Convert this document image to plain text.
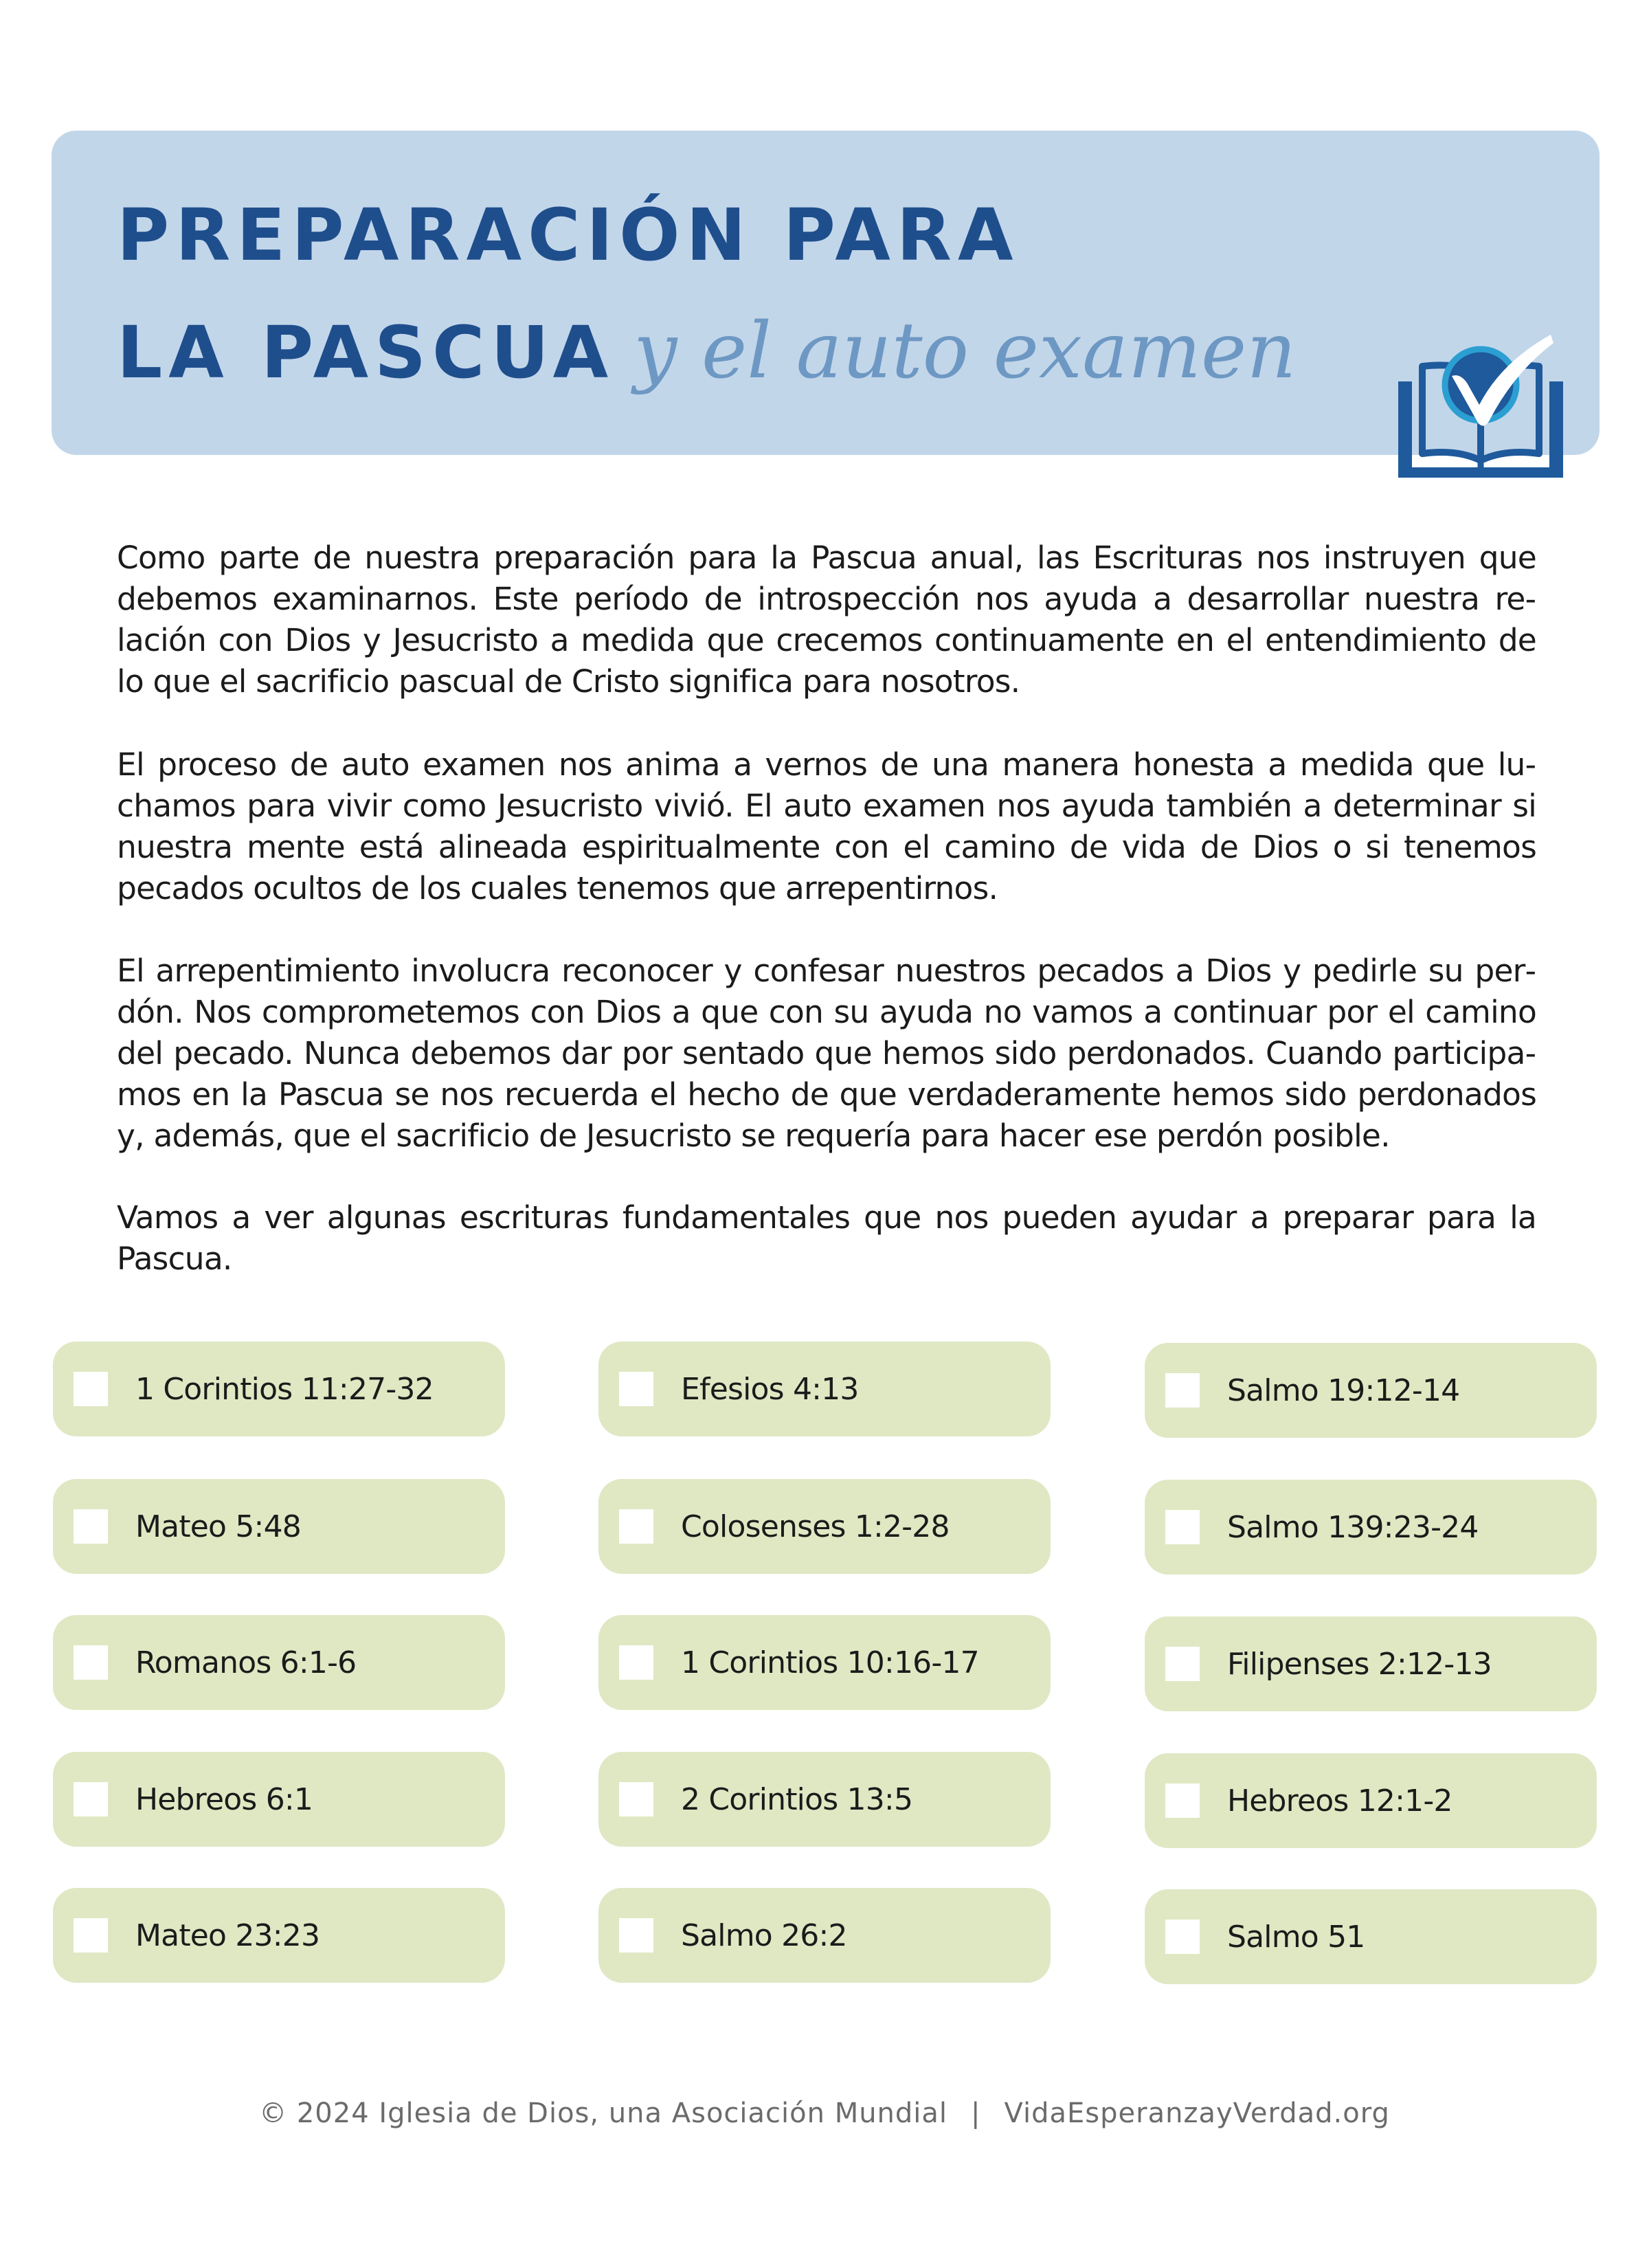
PREPARACIÓN PARA
LA PASCUA y el auto examen

Como parte de nuestra preparación para la Pascua anual, las Escrituras nos instruyen que debemos examinarnos. Este período de introspección nos ayuda a desarrollar nuestra relación con Dios y Jesucristo a medida que crecemos continuamente en el entendimiento de lo que el sacrificio pascual de Cristo significa para nosotros.

El proceso de auto examen nos anima a vernos de una manera honesta a medida que luchamos para vivir como Jesucristo vivió. El auto examen nos ayuda también a determinar si nuestra mente está alineada espiritualmente con el camino de vida de Dios o si tenemos pecados ocultos de los cuales tenemos que arrepentirnos.

El arrepentimiento involucra reconocer y confesar nuestros pecados a Dios y pedirle su perdón. Nos comprometemos con Dios a que con su ayuda no vamos a continuar por el camino del pecado. Nunca debemos dar por sentado que hemos sido perdonados. Cuando participamos en la Pascua se nos recuerda el hecho de que verdaderamente hemos sido perdonados y, además, que el sacrificio de Jesucristo se requería para hacer ese perdón posible.

Vamos a ver algunas escrituras fundamentales que nos pueden ayudar a preparar para la Pascua.

1 Corintios 11:27-32
Mateo 5:48
Romanos 6:1-6
Hebreos 6:1
Mateo 23:23
Efesios 4:13
Colosenses 1:2-28
1 Corintios 10:16-17
2 Corintios 13:5
Salmo 26:2
Salmo 19:12-14
Salmo 139:23-24
Filipenses 2:12-13
Hebreos 12:1-2
Salmo 51
© 2024 Iglesia de Dios, una Asociación Mundial | VidaEsperanzayVerdad.org
